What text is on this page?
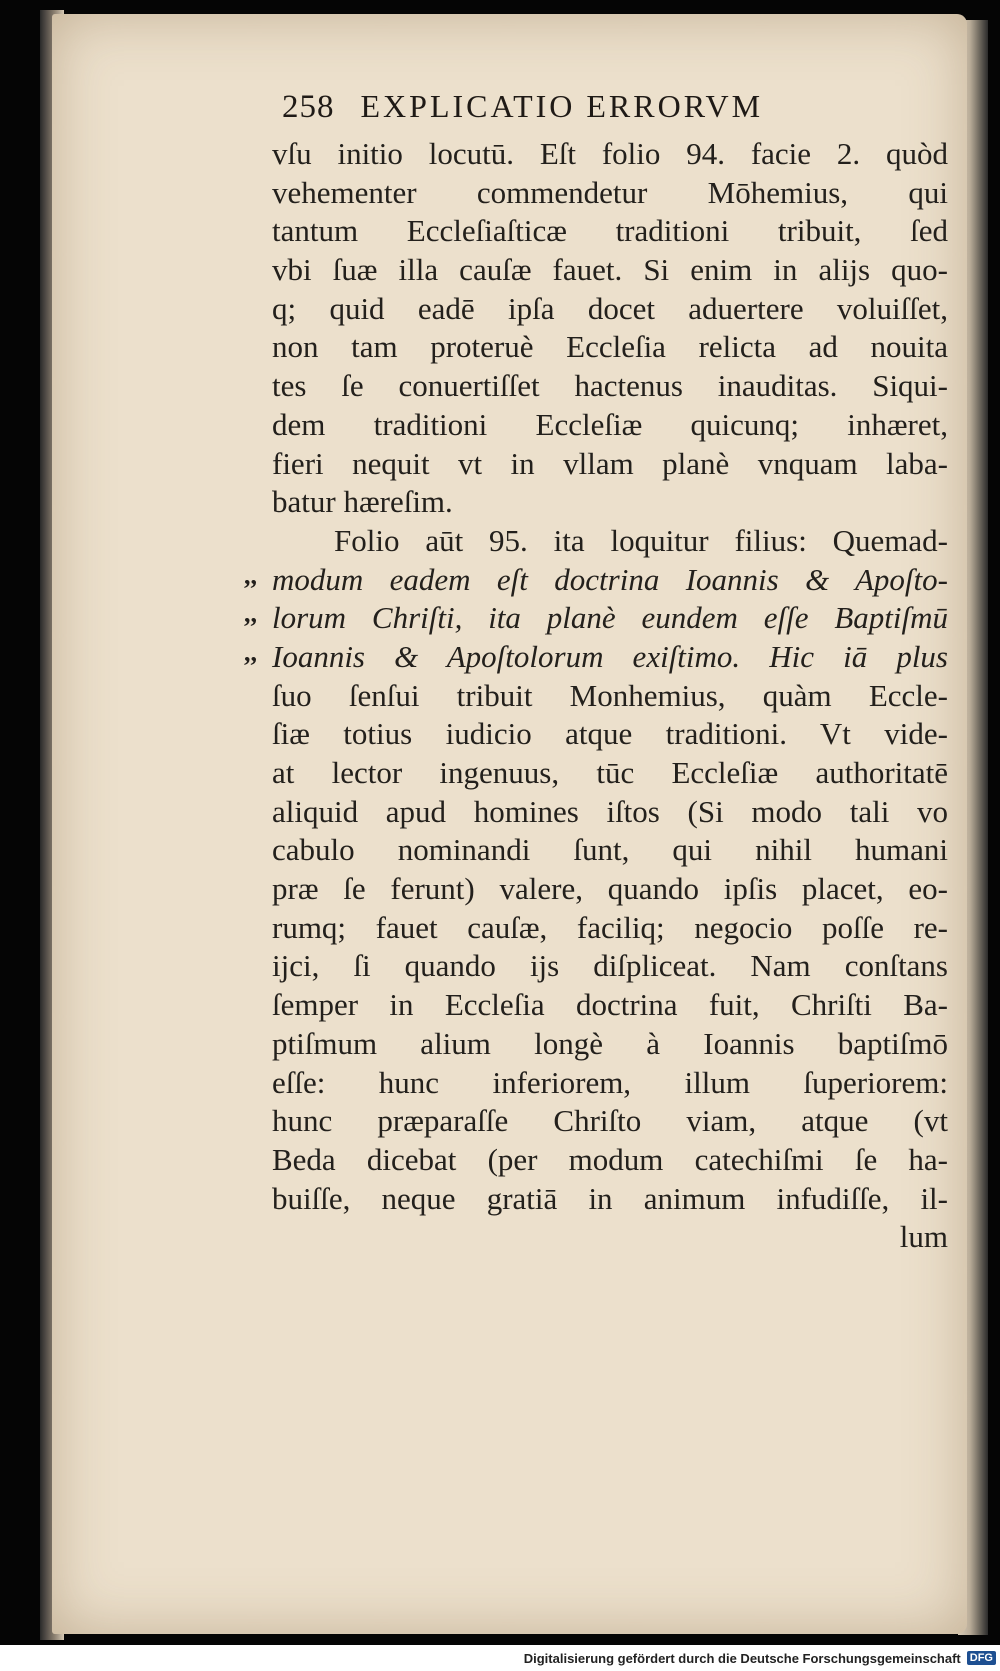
258 EXPLICATIO ERRORVM
vſu initio locutū. Eſt folio 94. facie 2. quòd
vehementer commendetur Mōhemius, qui
tantum Eccleſiaſticæ traditioni tribuit, ſed
vbi ſuæ illa cauſæ fauet. Si enim in alijs quo-
q; quid eadē ipſa docet aduertere voluiſſet,
non tam proteruè Eccleſia relicta ad nouita
tes ſe conuertiſſet hactenus inauditas. Siqui-
dem traditioni Eccleſiæ quicunq; inhæret,
fieri nequit vt in vllam planè vnquam laba-
batur hæreſim.
Folio aūt 95. ita loquitur filius: Quemad-
,, modum eadem eſt doctrina Ioannis & Apoſto-
,, lorum Chriſti, ita planè eundem eſſe Baptiſmū
,, Ioannis & Apoſtolorum exiſtimo. Hic iā plus
ſuo ſenſui tribuit Monhemius, quàm Eccle-
ſiæ totius iudicio atque traditioni. Vt vide-
at lector ingenuus, tūc Eccleſiæ authoritatē
aliquid apud homines iſtos (Si modo tali vo
cabulo nominandi ſunt, qui nihil humani
præ ſe ferunt) valere, quando ipſis placet, eo-
rumq; fauet cauſæ, faciliq; negocio poſſe re-
ijci, ſi quando ijs diſpliceat. Nam conſtans
ſemper in Eccleſia doctrina fuit, Chriſti Ba-
ptiſmum alium longè à Ioannis baptiſmō
eſſe: hunc inferiorem, illum ſuperiorem:
hunc præparaſſe Chriſto viam, atque (vt
Beda dicebat (per modum catechiſmi ſe ha-
buiſſe, neque gratiā in animum infudiſſe, il-
lum
Digitalisierung gefördert durch die Deutsche Forschungsgemeinschaft DFG
